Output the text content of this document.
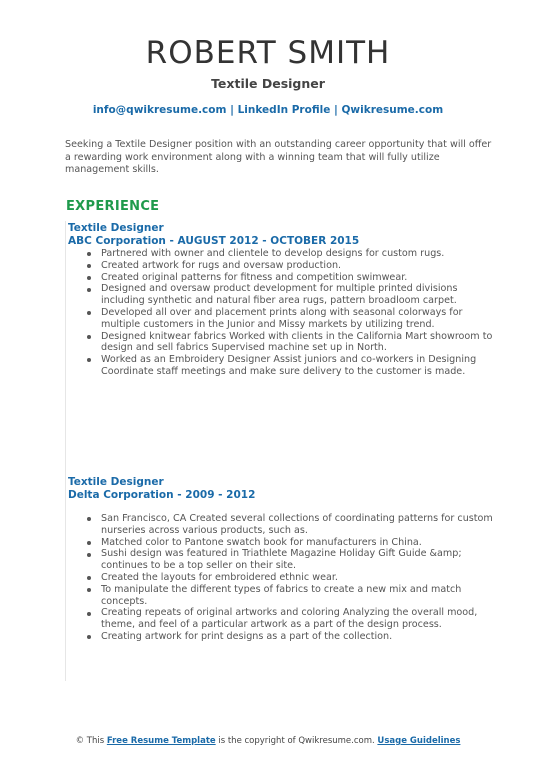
ROBERT SMITH
Textile Designer
info@qwikresume.com | LinkedIn Profile | Qwikresume.com
Seeking a Textile Designer position with an outstanding career opportunity that will offer a rewarding work environment along with a winning team that will fully utilize management skills.
EXPERIENCE
Textile Designer
ABC Corporation - AUGUST 2012 - OCTOBER 2015
Partnered with owner and clientele to develop designs for custom rugs.
Created artwork for rugs and oversaw production.
Created original patterns for fitness and competition swimwear.
Designed and oversaw product development for multiple printed divisions including synthetic and natural fiber area rugs, pattern broadloom carpet.
Developed all over and placement prints along with seasonal colorways for multiple customers in the Junior and Missy markets by utilizing trend.
Designed knitwear fabrics Worked with clients in the California Mart showroom to design and sell fabrics Supervised machine set up in North.
Worked as an Embroidery Designer Assist juniors and co-workers in Designing Coordinate staff meetings and make sure delivery to the customer is made.
Textile Designer
Delta Corporation - 2009 - 2012
San Francisco, CA Created several collections of coordinating patterns for custom nurseries across various products, such as.
Matched color to Pantone swatch book for manufacturers in China.
Sushi design was featured in Triathlete Magazine Holiday Gift Guide &amp; continues to be a top seller on their site.
Created the layouts for embroidered ethnic wear.
To manipulate the different types of fabrics to create a new mix and match concepts.
Creating repeats of original artworks and coloring Analyzing the overall mood, theme, and feel of a particular artwork as a part of the design process.
Creating artwork for print designs as a part of the collection.
© This Free Resume Template is the copyright of Qwikresume.com. Usage Guidelines
